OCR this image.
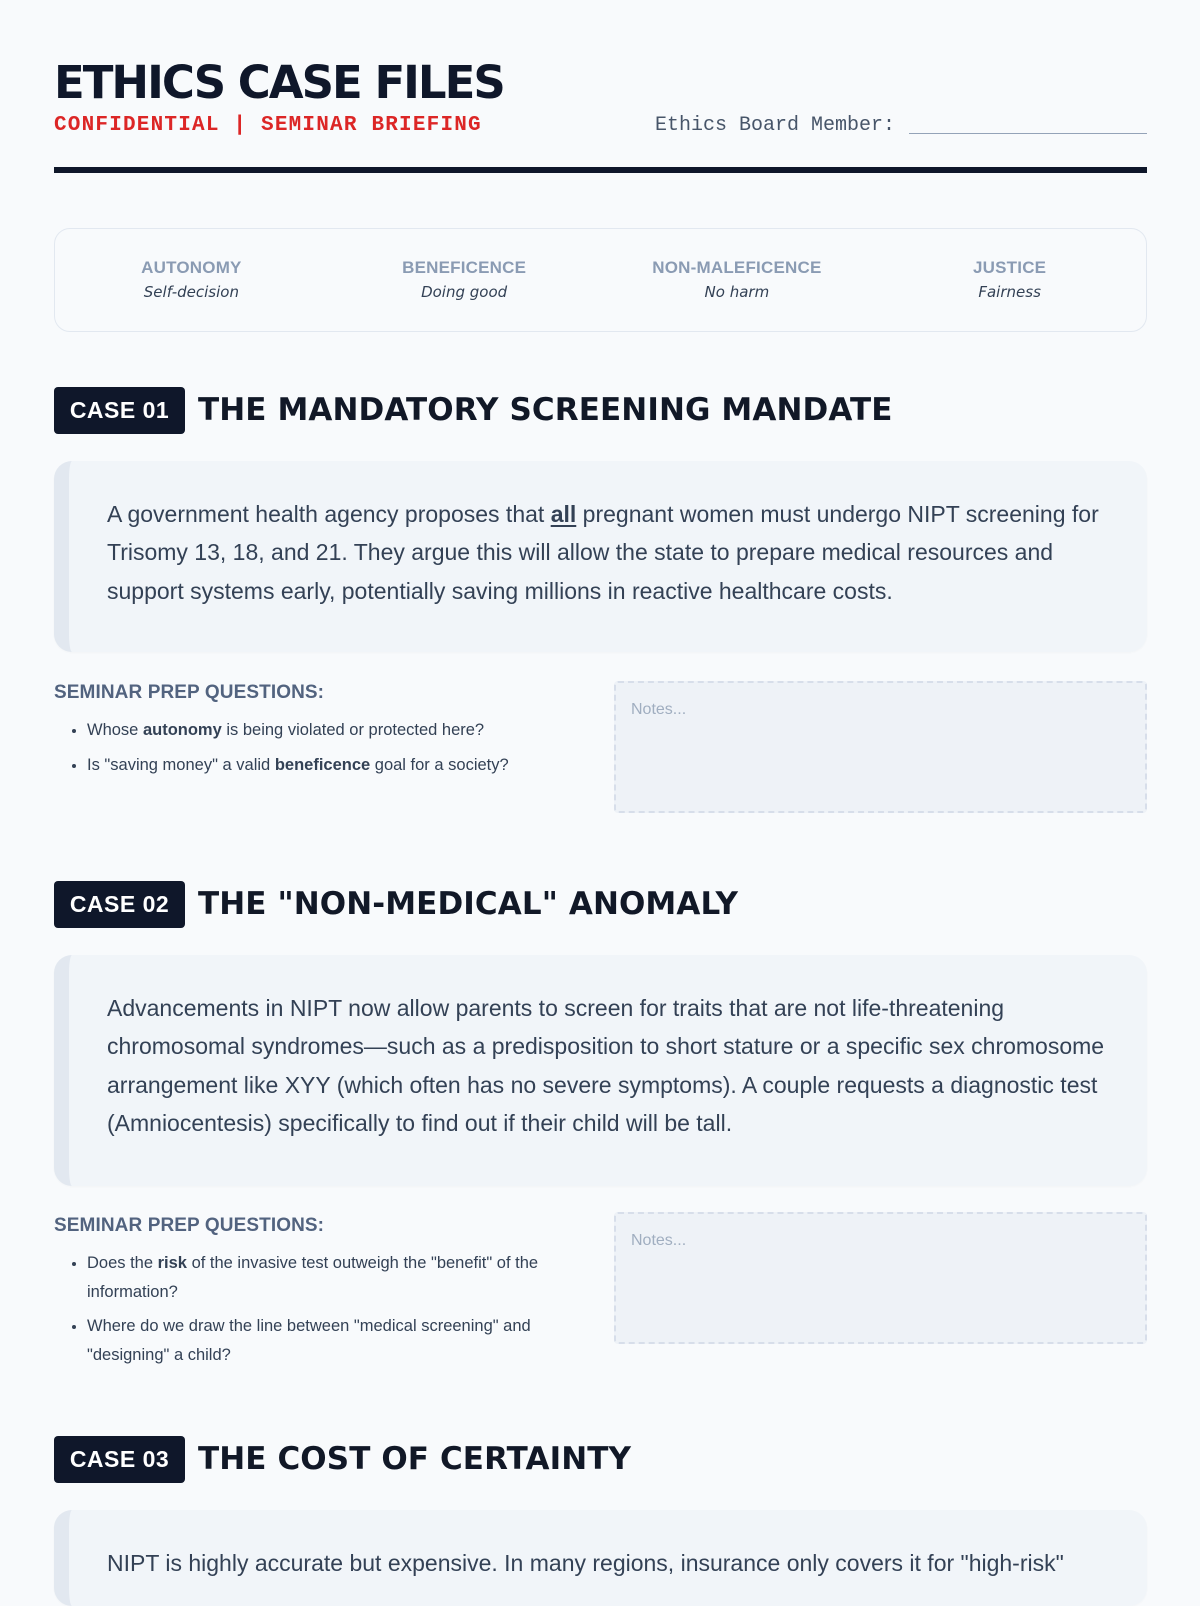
ETHICS CASE FILES
CONFIDENTIAL | SEMINAR BRIEFING	Ethics Board Member:
AUTONOMY
Self-decision
BENEFICENCE
Doing good
NON-MALEFICENCE
No harm
JUSTICE
Fairness
CASE 01 THE MANDATORY SCREENING MANDATE

A government health agency proposes that all pregnant women must undergo NIPT screening for Trisomy 13, 18, and 21. They argue this will allow the state to prepare medical resources and support systems early, potentially saving millions in reactive healthcare costs.

SEMINAR PREP QUESTIONS:
• Whose autonomy is being violated or protected here?
• Is "saving money" a valid beneficence goal for a society?
Notes...
CASE 02 THE "NON-MEDICAL" ANOMALY

Advancements in NIPT now allow parents to screen for traits that are not life-threatening chromosomal syndromes—such as a predisposition to short stature or a specific sex chromosome arrangement like XYY (which often has no severe symptoms). A couple requests a diagnostic test (Amniocentesis) specifically to find out if their child will be tall.

SEMINAR PREP QUESTIONS:
• Does the risk of the invasive test outweigh the "benefit" of the information?
• Where do we draw the line between "medical screening" and "designing" a child?
Notes...
CASE 03 THE COST OF CERTAINTY

NIPT is highly accurate but expensive. In many regions, insurance only covers it for "high-risk"
